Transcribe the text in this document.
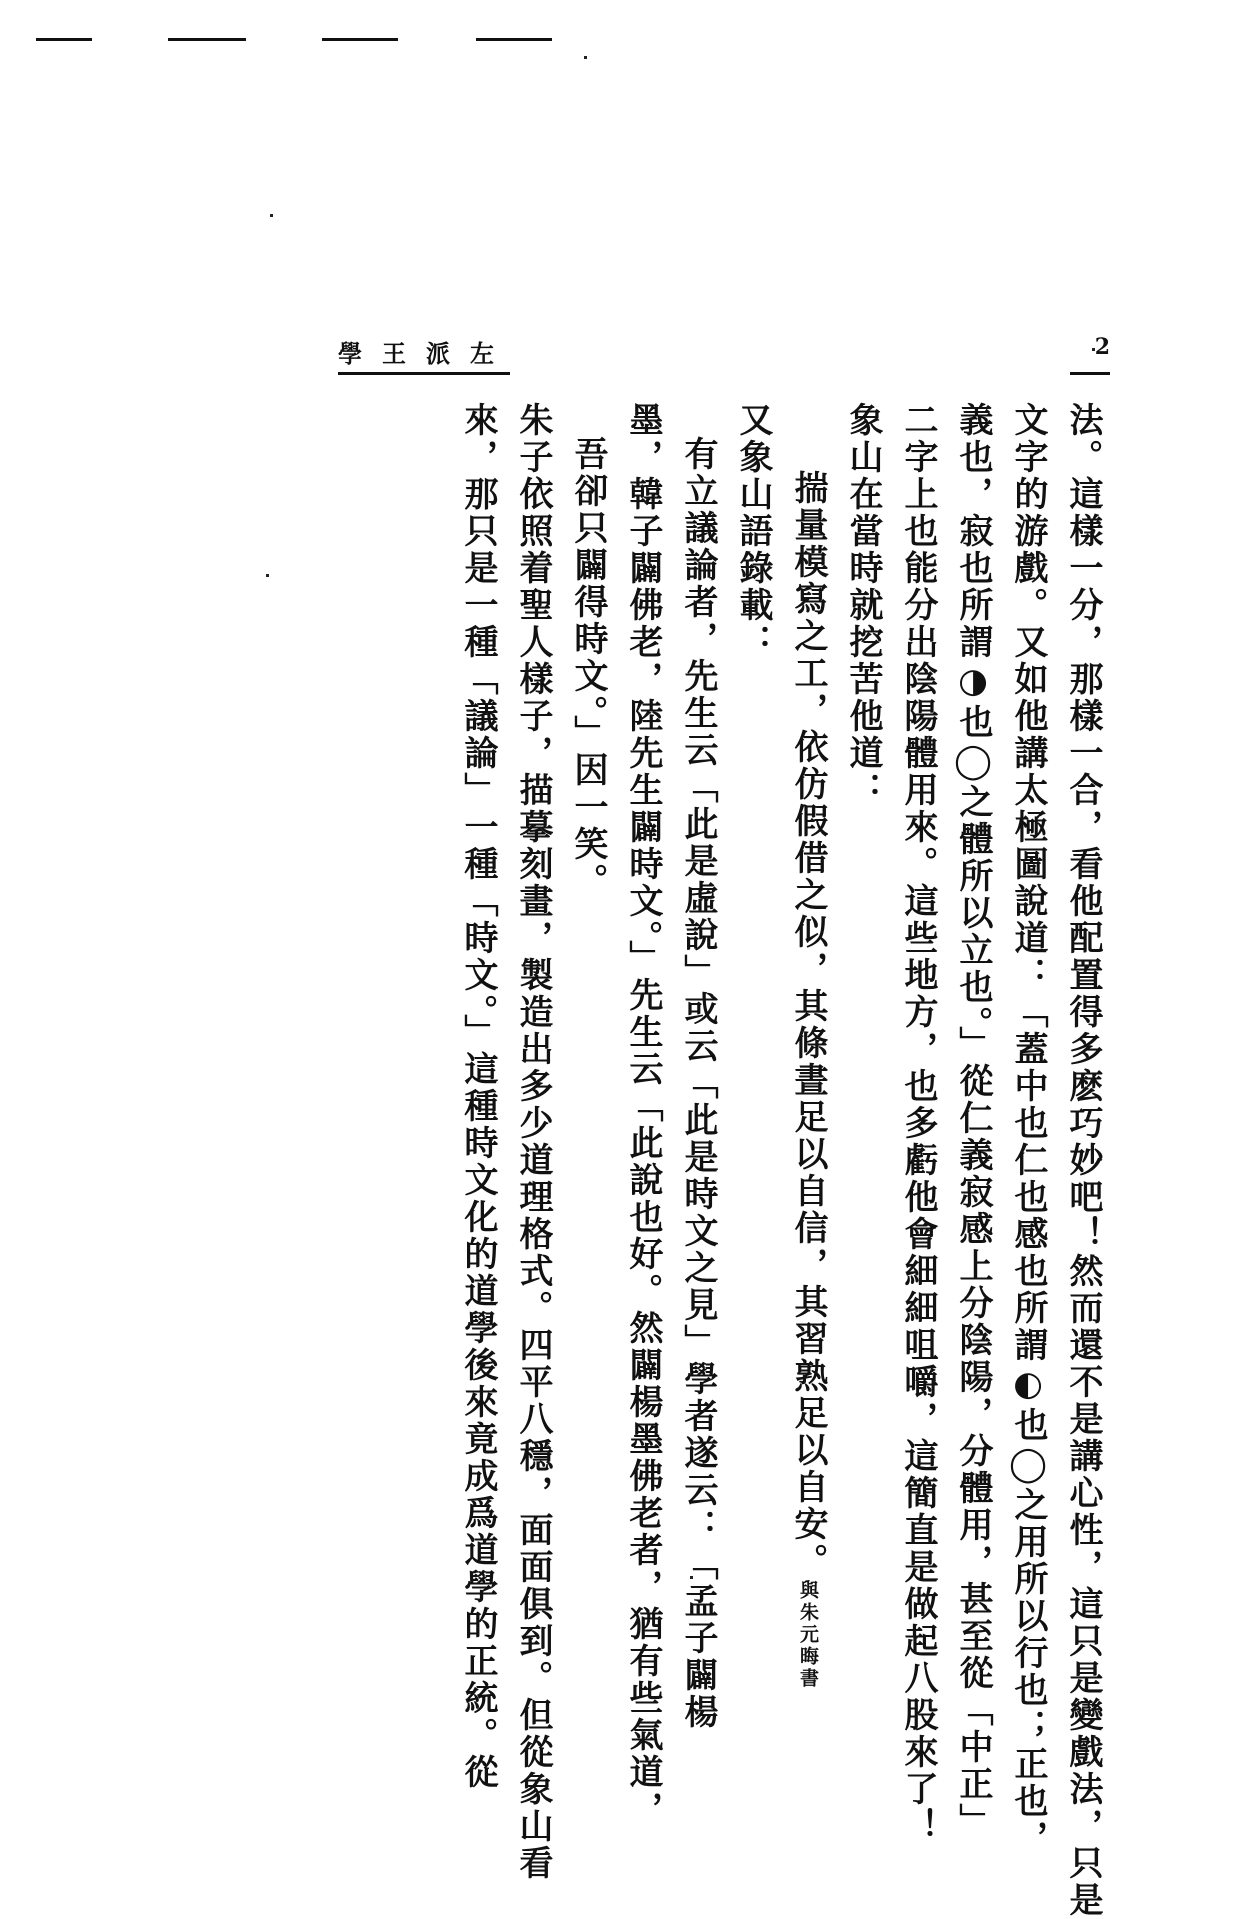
左派王學	2

法。這樣一分，那樣一合，看他配置得多麽巧妙吧！然而還不是講心性，這只是變戲法，只是

文字的游戲。又如他講太極圖說道：「蓋中也仁也感也所謂◐也◯之用所以行也；正也，

義也，寂也所謂◑也◯之體所以立也。」從仁義寂感上分陰陽，分體用，甚至從「中正」

二字上也能分出陰陽體用來。這些地方，也多虧他會細細咀嚼，這簡直是做起八股來了！

象山在當時就挖苦他道：

揣量模寫之工，依仿假借之似，其條晝足以自信，其習熟足以自安。與朱元晦書

又象山語錄載：

有立議論者，先生云「此是虛說」或云「此是時文之見」學者遂云：「孟子闢楊

墨，韓子闢佛老，陸先生闢時文。」先生云「此說也好。然闢楊墨佛老者，猶有些氣道，

吾卻只闢得時文。」因一笑。

朱子依照着聖人樣子，描摹刻畫，製造出多少道理格式。四平八穩，面面俱到。但從象山看

來，那只是一種「議論」一種「時文。」這種時文化的道學後來竟成爲道學的正統。從
